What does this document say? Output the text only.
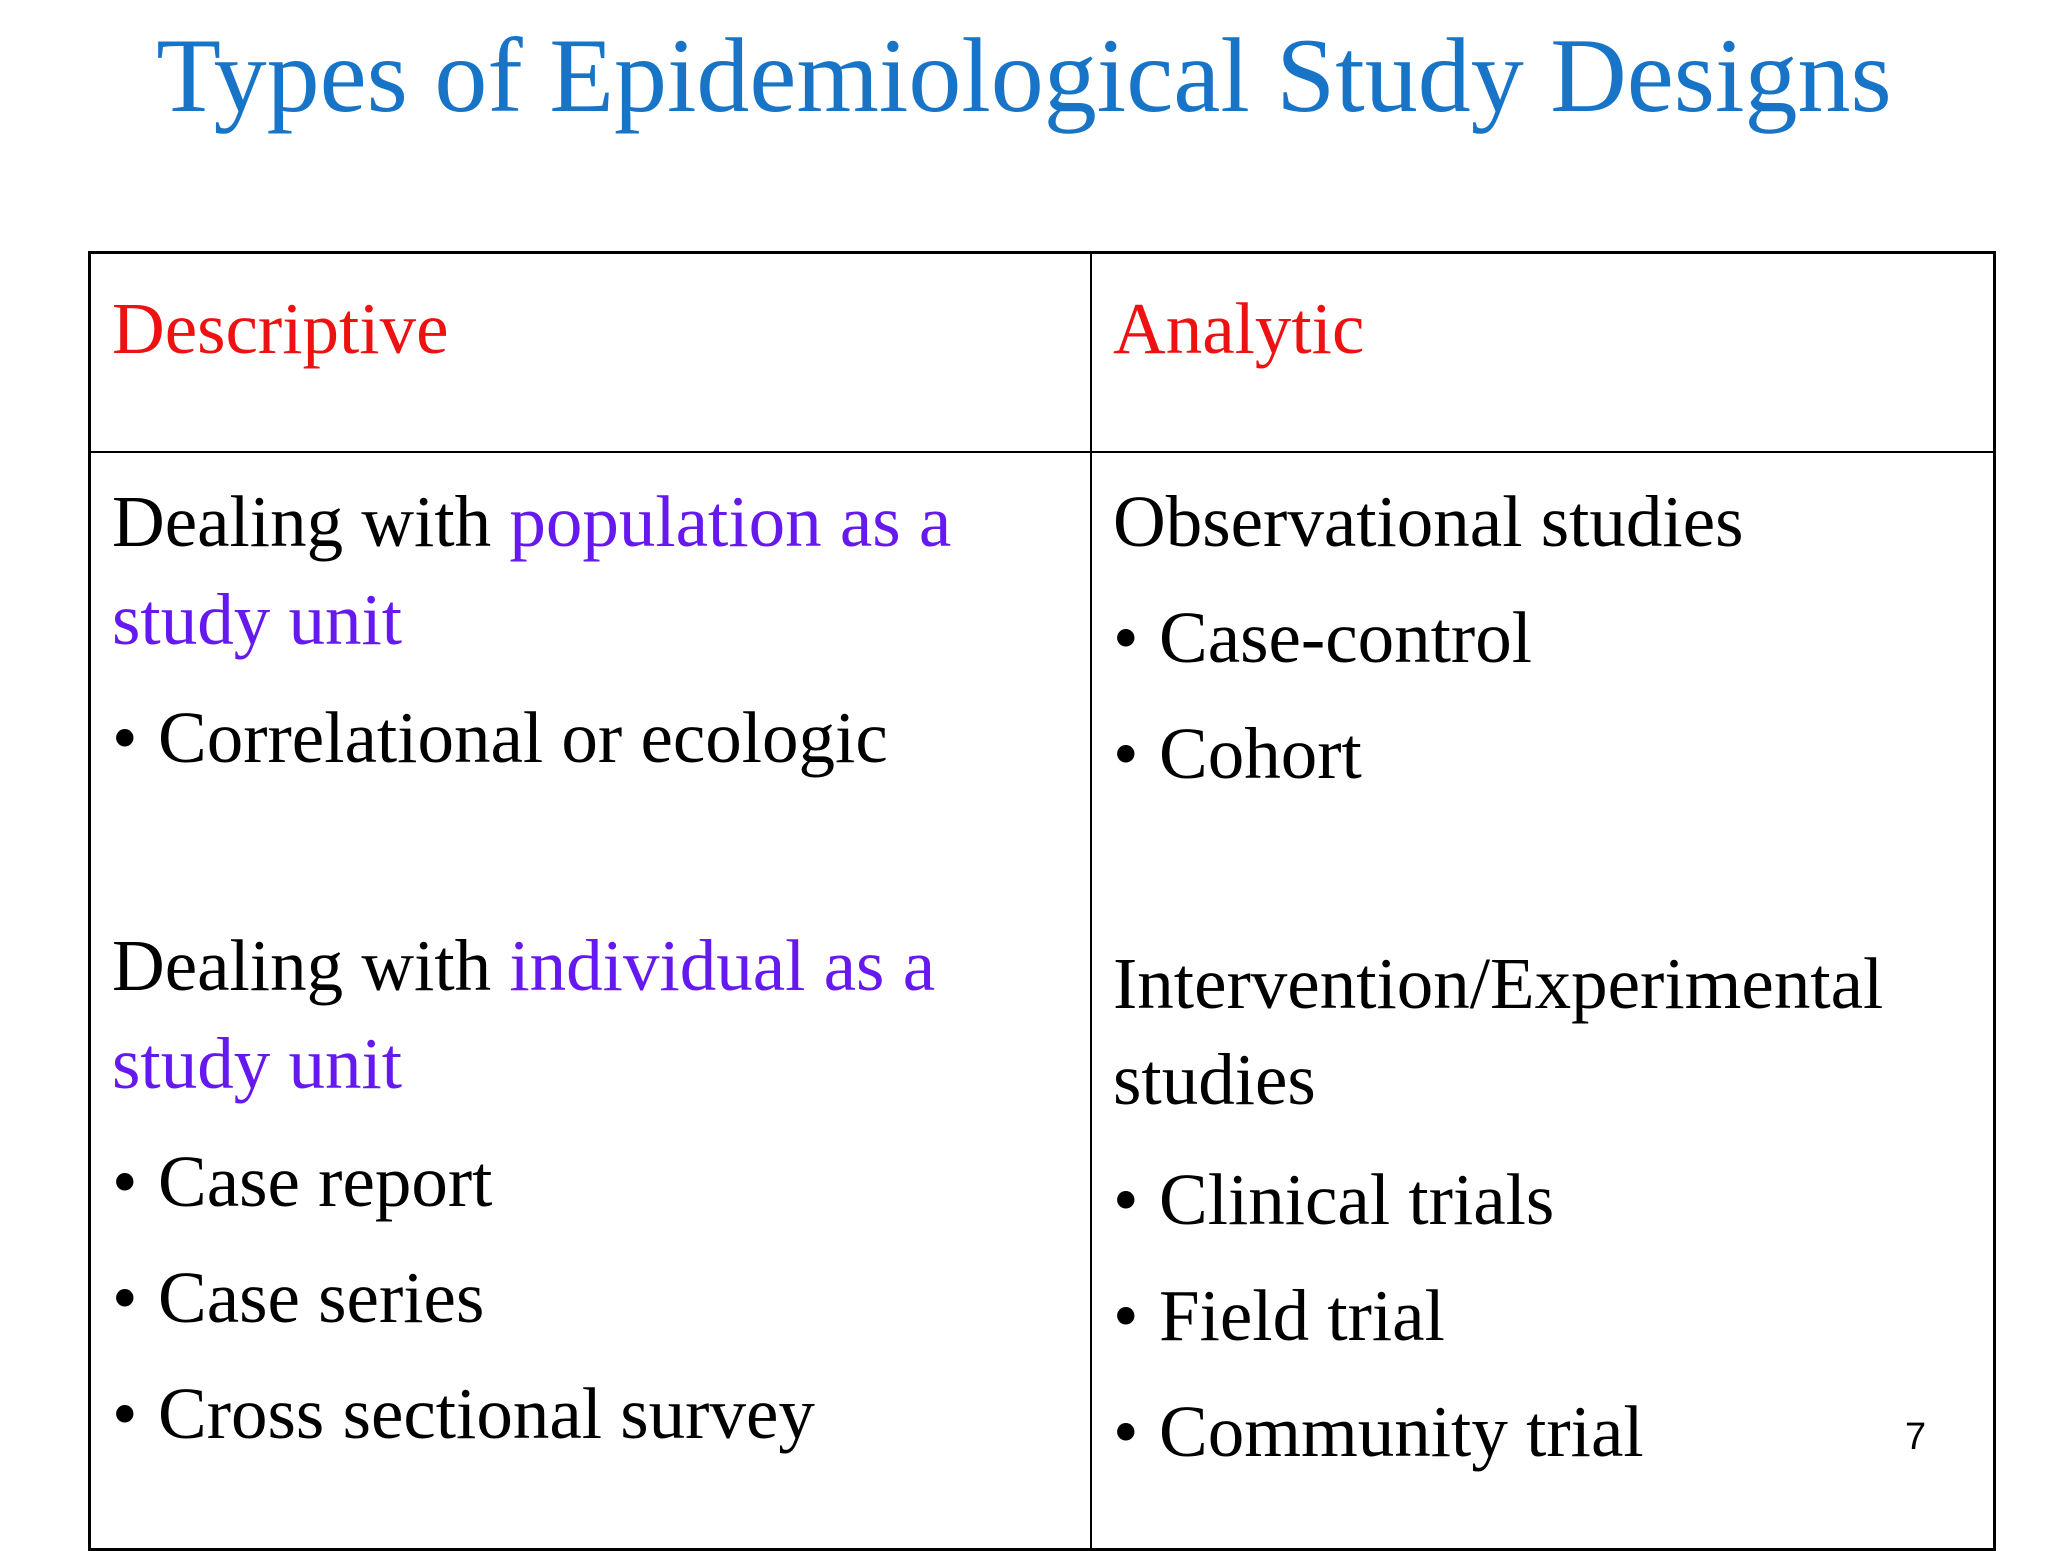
Types of Epidemiological Study Designs
Descriptive	Analytic
Dealing with population as a
study unit
• Correlational or ecologic
Dealing with individual as a
study unit
• Case report
• Case series
• Cross sectional survey
Observational studies
• Case-control
• Cohort
Intervention/Experimental
studies
• Clinical trials
• Field trial
• Community trial	7
